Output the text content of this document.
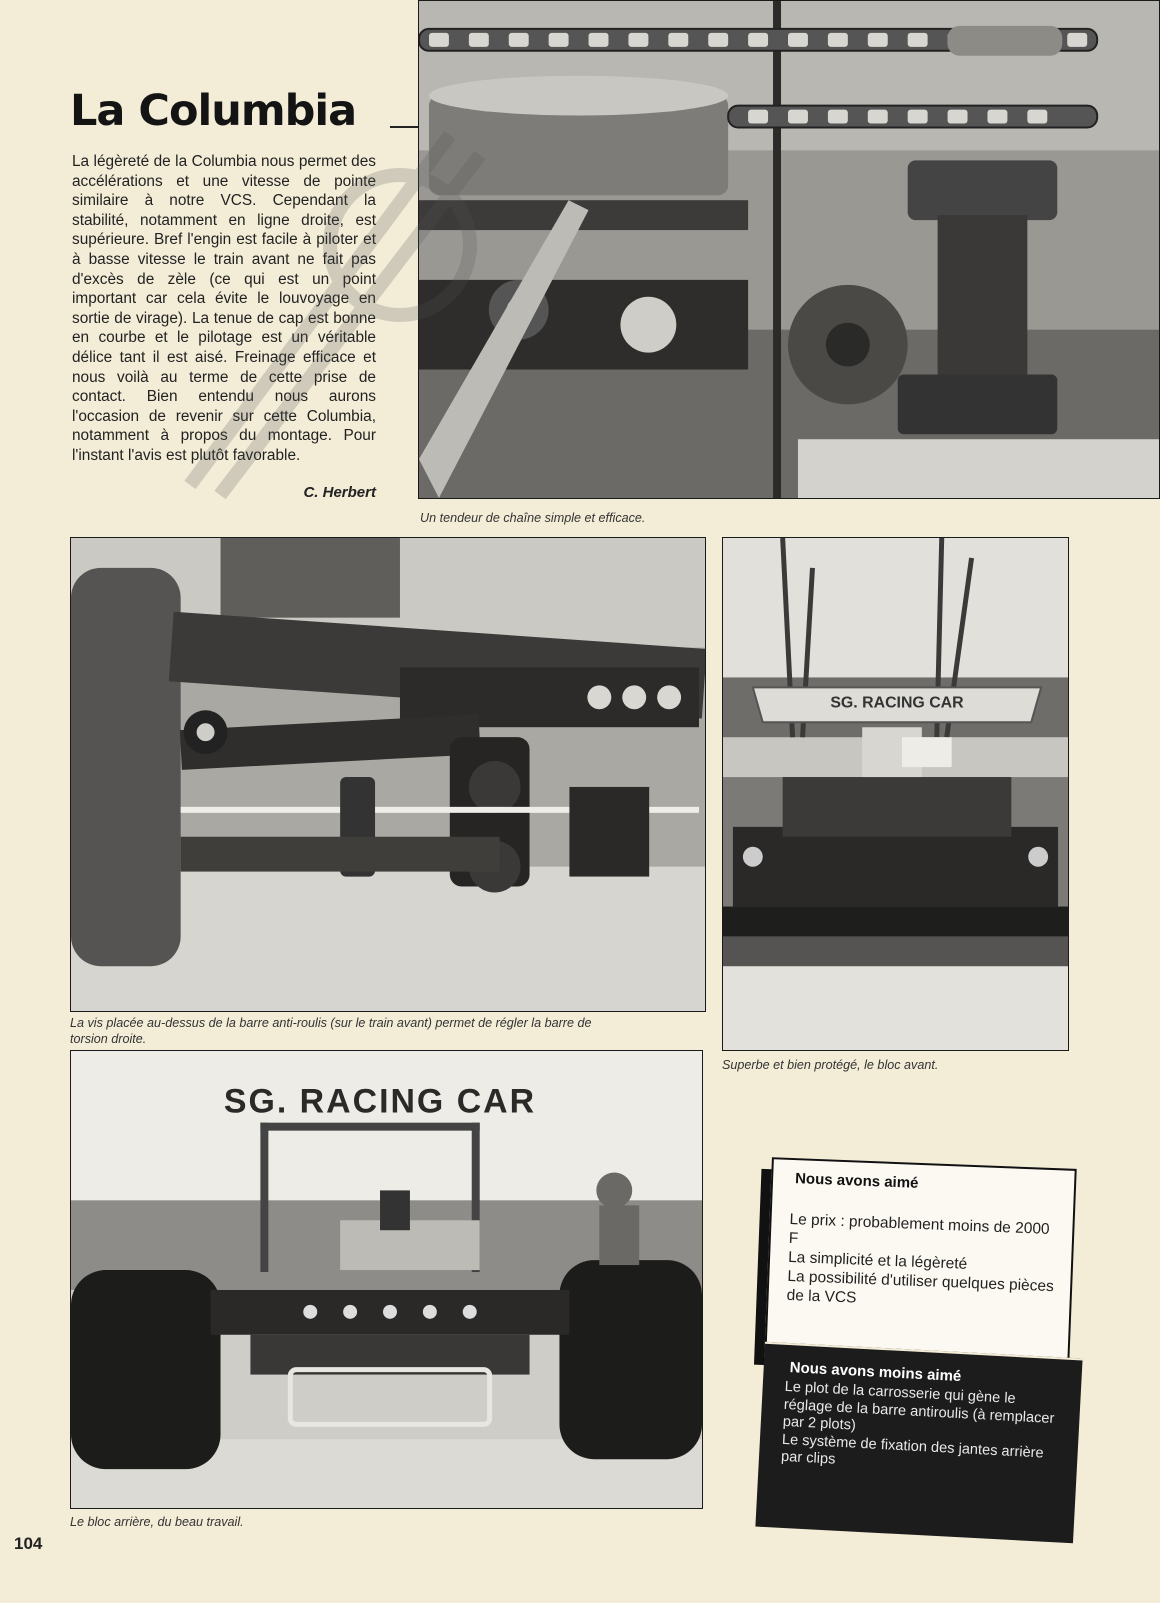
La Columbia

La légèreté de la Columbia nous permet des accélérations et une vitesse de pointe similaire à notre VCS. Cependant la stabilité, notamment en ligne droite, est supérieure. Bref l'engin est facile à piloter et à basse vitesse le train avant ne fait pas d'excès de zèle (ce qui est un point important car cela évite le louvoyage en sortie de virage). La tenue de cap est bonne en courbe et le pilotage est un véritable délice tant il est aisé. Freinage efficace et nous voilà au terme de cette prise de contact. Bien entendu nous aurons l'occasion de revenir sur cette Columbia, notamment à propos du montage. Pour l'instant l'avis est plutôt favorable.

C. Herbert
Un tendeur de chaîne simple et efficace.
La vis placée au-dessus de la barre anti-roulis (sur le train avant) permet de régler la barre de torsion droite.
SG. RACING CAR
Superbe et bien protégé, le bloc avant.
SG. RACING CAR
Le bloc arrière, du beau travail.
Nous avons aimé
Le prix : probablement moins de 2000 F
La simplicité et la légèreté
La possibilité d'utiliser quelques pièces de la VCS
Nous avons moins aimé
Le plot de la carrosserie qui gène le réglage de la barre antiroulis (à remplacer par 2 plots)
Le système de fixation des jantes arrière par clips
104
